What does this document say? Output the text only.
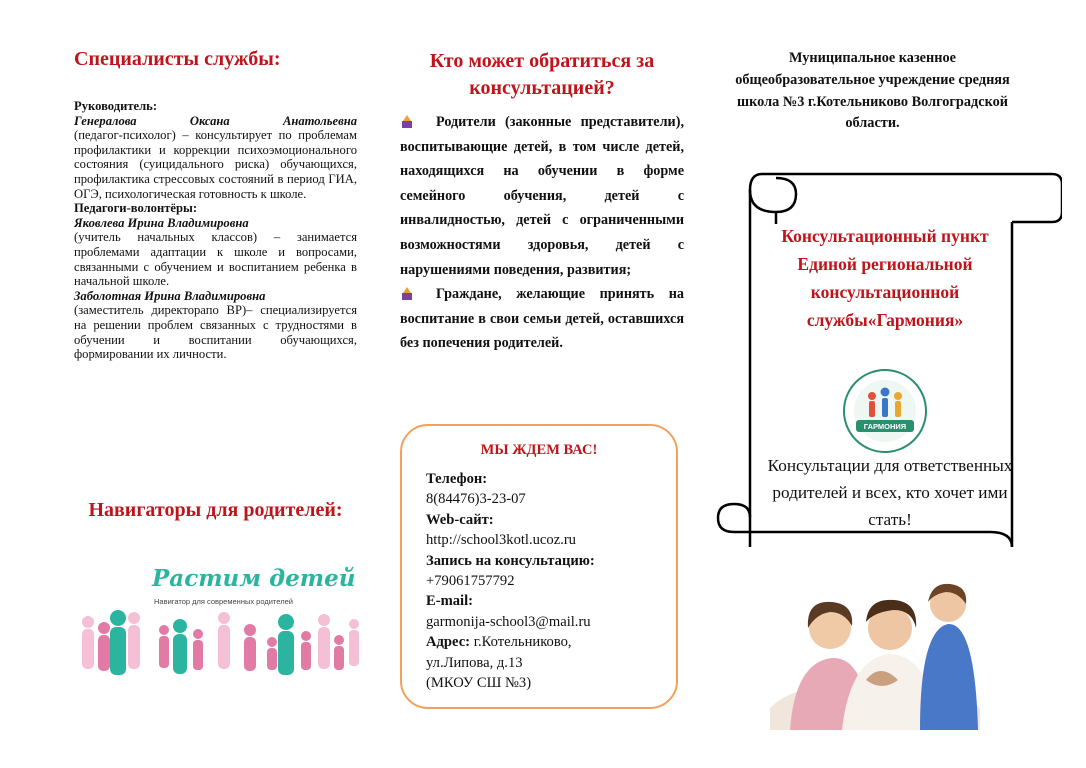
Специалисты службы:
Руководитель:
Генералова Оксана Анатольевна
(педагог-психолог) – консультирует по проблемам профилактики и коррекции психоэмоционального состояния (суицидального риска) обучающихся, профилактика стрессовых состояний в период ГИА, ОГЭ, психологическая готовность к школе.
Педагоги-волонтёры:
Яковлева Ирина Владимировна
(учитель начальных классов) – занимается проблемами адаптации к школе и вопросами, связанными с обучением и воспитанием ребенка в начальной школе.
Заболотная Ирина Владимировна
(заместитель директорапо ВР)– специализируется на решении проблем связанных с трудностями в обучении и воспитании обучающихся, формировании их личности.
Навигаторы для родителей:
Растим детей
Навигатор для современных родителей
Кто может обратиться за консультацией?
Родители (законные представители), воспитывающие детей, в том числе детей, находящихся на обучении в форме семейного обучения, детей с инвалидностью, детей с ограниченными возможностями здоровья, детей с нарушениями поведения, развития;
Граждане, желающие принять на воспитание в свои семьи детей, оставшихся без попечения родителей.
МЫ ЖДЕМ ВАС!
Телефон:
8(84476)3-23-07
Web-сайт:
http://school3kotl.ucoz.ru
Запись на консультацию:
+79061757792
E-mail:
garmonija-school3@mail.ru
Адрес: г.Котельниково,
ул.Липова, д.13
(МКОУ СШ №3)
Муниципальное казенное общеобразовательное учреждение средняя школа №3 г.Котельниково Волгоградской области.
Консультационный пункт Единой региональной консультационной службы«Гармония»
ГАРМОНИЯ
Консультации для ответственных родителей и всех, кто хочет ими стать!
